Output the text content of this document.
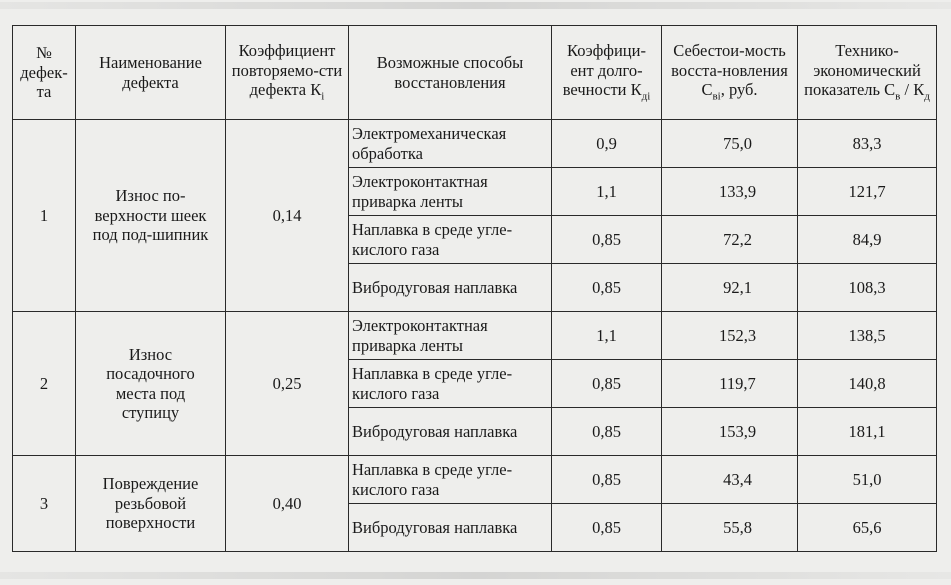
№ дефек-та	Наименование дефекта	Коэффициент повторяемо-сти дефекта $К_i$	Возможные способы восстановления	Коэффици-ент долго-вечности $К_{дi}$	Себестои-мость восста-новления $С_{вi}$, руб.	Технико-экономический показатель $С_в / К_д$
1	Износ по-верхности шеек под под-шипник	0,14	Электромеханическая обработка	0,9	75,0	83,3
			Электроконтактная приварка ленты	1,1	133,9	121,7
			Наплавка в среде угле-кислого газа	0,85	72,2	84,9
			Вибродуговая наплавка	0,85	92,1	108,3
2	Износ посадочного места под ступицу	0,25	Электроконтактная приварка ленты	1,1	152,3	138,5
			Наплавка в среде угле-кислого газа	0,85	119,7	140,8
			Вибродуговая наплавка	0,85	153,9	181,1
3	Повреждение резьбовой поверхности	0,40	Наплавка в среде угле-кислого газа	0,85	43,4	51,0
			Вибродуговая наплавка	0,85	55,8	65,6
